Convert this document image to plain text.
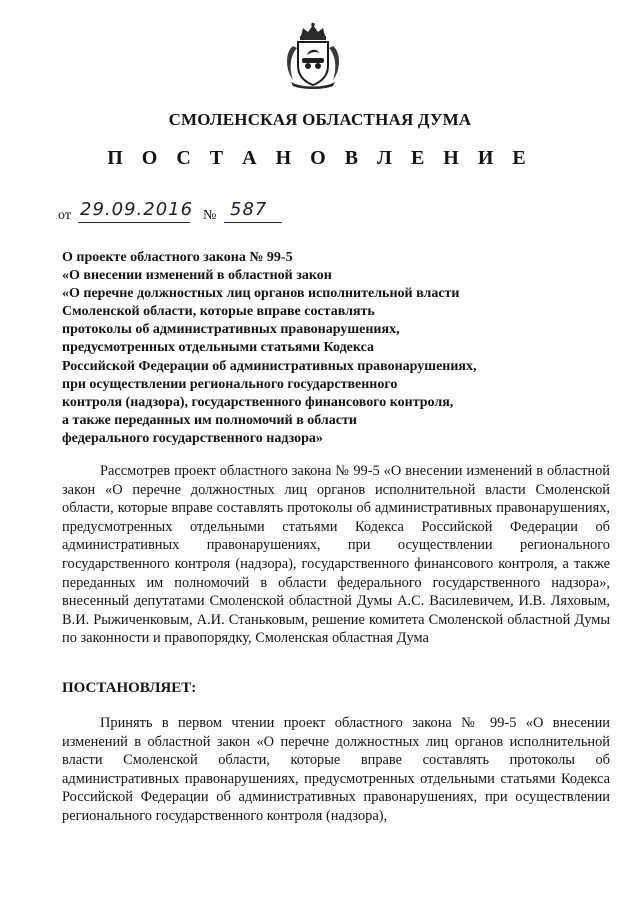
СМОЛЕНСКАЯ ОБЛАСТНАЯ ДУМА
П О С Т А Н О В Л Е Н И Е
от 29.09.2016 № 587
О проекте областного закона № 99-5
«О внесении изменений в областной закон
«О перечне должностных лиц органов исполнительной власти
Смоленской области, которые вправе составлять
протоколы об административных правонарушениях,
предусмотренных отдельными статьями Кодекса
Российской Федерации об административных правонарушениях,
при осуществлении регионального государственного
контроля (надзора), государственного финансового контроля,
а также переданных им полномочий в области
федерального государственного надзора»
Рассмотрев проект областного закона № 99-5 «О внесении изменений в областной закон «О перечне должностных лиц органов исполнительной власти Смоленской области, которые вправе составлять протоколы об административных правонарушениях, предусмотренных отдельными статьями Кодекса Российской Федерации об административных правонарушениях, при осуществлении регионального государственного контроля (надзора), государственного финансового контроля, а также переданных им полномочий в области федерального государственного надзора», внесенный депутатами Смоленской областной Думы А.С. Василевичем, И.В. Ляховым, В.И. Рыжиченковым, А.И. Станьковым, решение комитета Смоленской областной Думы по законности и правопорядку, Смоленская областная Дума
ПОСТАНОВЛЯЕТ:
Принять в первом чтении проект областного закона № 99-5 «О внесении изменений в областной закон «О перечне должностных лиц органов исполнительной власти Смоленской области, которые вправе составлять протоколы об административных правонарушениях, предусмотренных отдельными статьями Кодекса Российской Федерации об административных правонарушениях, при осуществлении регионального государственного контроля (надзора),
